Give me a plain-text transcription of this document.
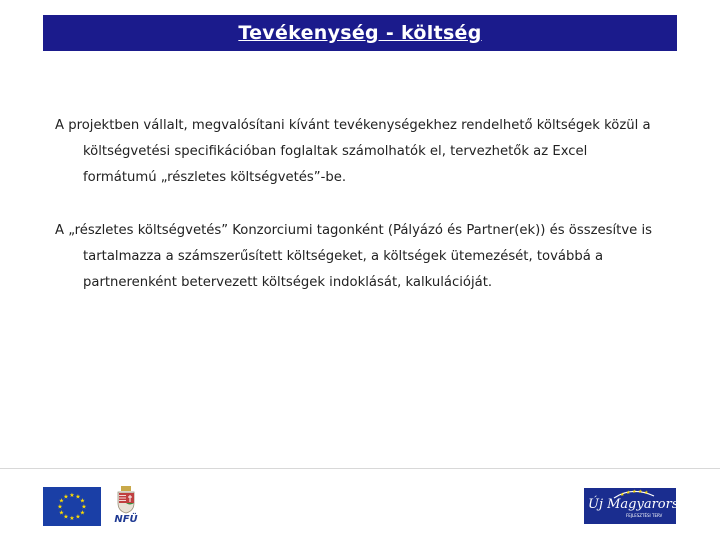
Tevékenység - költség

A projektben vállalt, megvalósítani kívánt tevékenységekhez rendelhető költségek közül a költségvetési specifikációban foglaltak számolhatók el, tervezhetők az Excel formátumú „részletes költségvetés”-be.

A „részletes költségvetés” Konzorciumi tagonként (Pályázó és Partner(ek)) és összesítve is tartalmazza a számszerűsített költségeket, a költségek ütemezését, továbbá a partnerenként betervezett költségek indoklását, kalkulációját.

★ ★
★
★
★
★
★
★
★
★
★
★
NFÜ
★ ★ ★ ★ ★
Új Magyarország
FEJLESZTÉSI TERV
